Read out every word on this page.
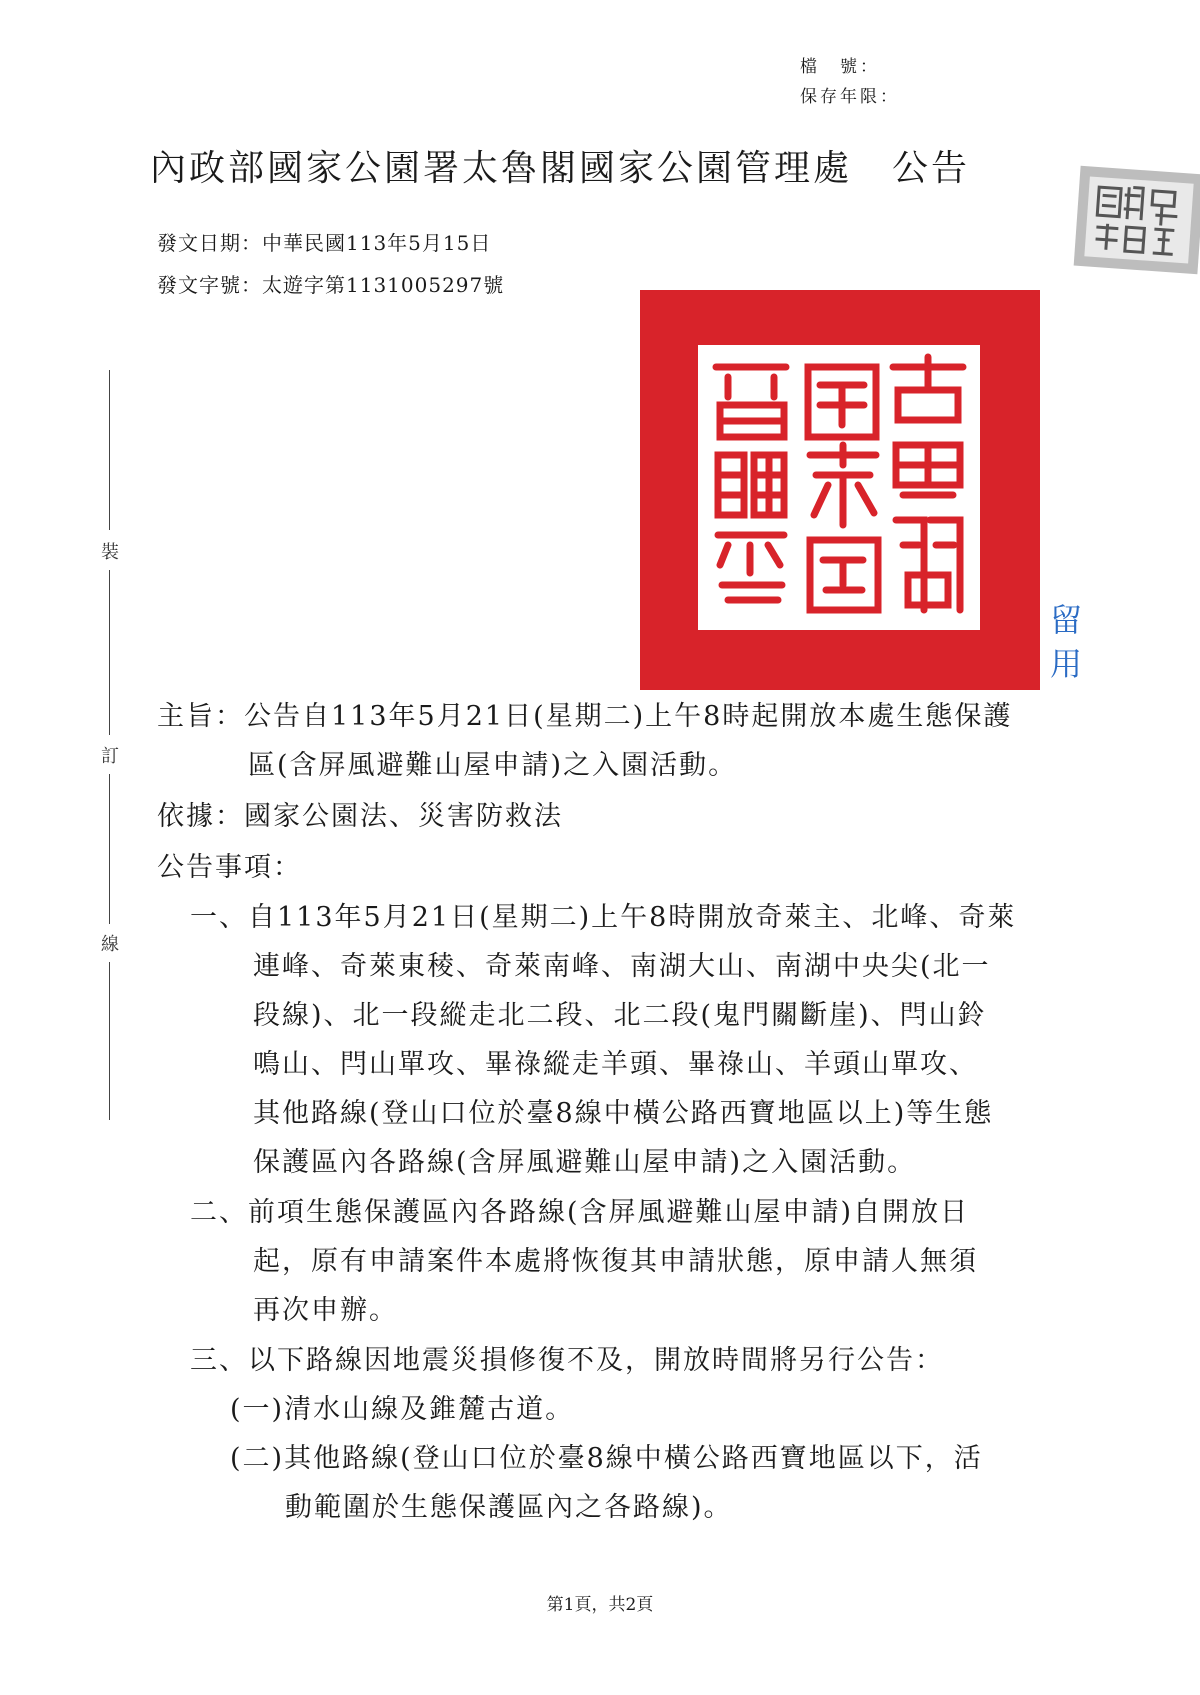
檔　號：
保存年限：
內政部國家公園署太魯閣國家公園管理處 公告
發文日期：中華民國113年5月15日
發文字號：太遊字第1131005297號
裝
訂
線
留用
主旨：公告自113年5月21日(星期二)上午8時起開放本處生態保護
區(含屏風避難山屋申請)之入園活動。
依據：國家公園法、災害防救法
公告事項：
一、自113年5月21日(星期二)上午8時開放奇萊主、北峰、奇萊
連峰、奇萊東稜、奇萊南峰、南湖大山、南湖中央尖(北一
段線)、北一段縱走北二段、北二段(鬼門關斷崖)、閂山鈴
鳴山、閂山單攻、畢祿縱走羊頭、畢祿山、羊頭山單攻、
其他路線(登山口位於臺8線中橫公路西寶地區以上)等生態
保護區內各路線(含屏風避難山屋申請)之入園活動。
二、前項生態保護區內各路線(含屏風避難山屋申請)自開放日
起，原有申請案件本處將恢復其申請狀態，原申請人無須
再次申辦。
三、以下路線因地震災損修復不及，開放時間將另行公告：
(一)清水山線及錐麓古道。
(二)其他路線(登山口位於臺8線中橫公路西寶地區以下，活
動範圍於生態保護區內之各路線)。
第1頁，共2頁
